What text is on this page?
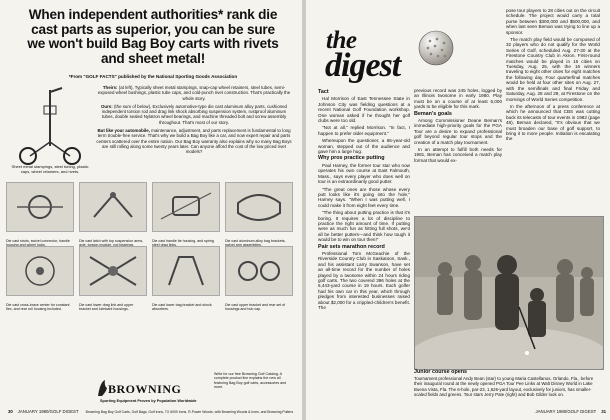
When independent authorities* rank die cast parts as superior, you can be sure we won't build Bag Boy carts with rivets and sheet metal!
*From "GOLF FACTS" published by the National Sporting Goods Association
Sheet metal stampings, steel tubing, plastic caps, wheel retainers, and rivets.

Theirs: (at left), Typically sheet metal stampings, snap-cap wheel retainers, steel tubes, semi-exposed wheel bushings, plastic tube caps, and cold-punch rivet construction. That's practically the whole story.

Ours: (the sum of below), Exclusively automotive-type die cast aluminum alloy parts, cushioned independent torsion rod and drag link shock absorbing suspension system, rustproof aluminum tubes, double sealed Nylatron wheel bearings, and machine threaded bolt and screw assembly throughout. That's most of our story.

But like your automobile, maintenance, adjustment, and parts replacement is fundamental to long term trouble-free service. That's why we build a Bag Boy like a car, and now expert repair and parts centers scattered over the entire nation. Our Bag Boy warranty also explains why so many Bag Boys are still rolling along some twenty years later. Can anyone afford the cost of the low priced rivet models?

Die cast struts, swivel connector, handle housing and wheel hubs.
Die cast latch with top suspension arms, axle, torsion module, rod bearings.
Die cast handle tie housing, and spring steel drag links.
Die cast aluminum alloy bag brackets, swivel arm assemblies.
Die cast cross-brace center for constant flex, and rear roll housing included.
Die cast lower drag link and upper bracket and lubricant housings.
Die cast lower bag bracket and shock absorbers.
Die cast upper bracket and rear set of housings and hub cap.
BROWNING
Sporting Equipment Proven by Population Worldwide
Write for our free Browning Golf Catalog. A complete product line explains the new all featuring Bag Boy golf carts, accessories and more.
30 JANUARY 1980/GOLF DIGEST Browning Bag Boy Golf Carts, Golf Bags, Golf Irons, TX 6000 Irons, R-Power Woods, with Browning Woods & Irons, and Browning Putters
the
digest
Tact

Hal Morrison of East Tennessee State in Johnson City was fielding questions at a recent National Golf Foundation workshop. One woman asked if he thought her golf clubs were too old.

"Not at all," replied Morrison. "In fact, I happen to prefer older equipment."

Whereupon the questioner, a 65-year-old woman, stepped out of the audience and gave him a large hug.

Why pros practice putting

Paul Harney, the former tour star who now operates his own course at East Falmouth, Mass., says every player who does well on tour is an extraordinarily good putter.

"The great ones are those whose every putt looks like it's going into the hole," Harney says. "When I was putting well, I could make it from eight feet every time.

"The thing about putting practice is that it's boring. It requires a lot of discipline to practice the right amount of time. If putting were as much fun as hitting full shots, we'd all be better putters—and think how tough it would be to win on tour then!"

Pair sets marathon record

Professional Tom McGeachie of the Riverside Country Club in Saskatoon, Sask., and his assistant Larry Swanson, have set an all-time record for the number of holes played by a twosome within 24 hours riding golf carts. The two covered 396 holes at the 6,443-yard course in 19 hours. Each golfer had his own car in this year, which through pledges from interested businesses raised about $2,000 for a crippled-children's benefit. The

previous record was 245 holes, logged by an Illinois twosome in early 1980. Play must be on a course of at least 6,000 yards to be eligible for this mark.

Beman's goals

Among Commissioner Deane Beman's immediate high-priority goals for the PGA Tour are a desire to expand professional golf beyond regular tour stops and the creation of a match play tournament.

In an attempt to fulfill both needs for 1981, Beman has conceived a match play format that would ex-

pose tour players to 28 cities out on the circuit schedule. The project would carry a total purse between $300,000 and $500,000, and when last seen Beman was trying to line up a sponsor.

The match play field would be composed of 32 players who do not qualify for the World Series of Golf, scheduled Aug. 27-30 at the Firestone Country Club in Akron. First-round matches would be played in 16 cities on Tuesday, Aug. 25, with the 16 winners traveling to eight other cities for eight matches the following day. Four quarterfinal matches would be held at four other sites on Aug. 27, with the semifinals and final Friday and Saturday, Aug. 28 and 29, at Firestone on the mornings of World Series competition.

In the afternoon of a press conference at which he announced that CBS was cutting back its telecasts of tour events in 1982 (page 48), Beman declared, "It's obvious that we must broaden our base of golf support, to bring it to more people. Initiation is escalating the

Junior course opens
Tournament professional Andy Bean (star) to young Maria Castellanos, Orlando, Fla., before their inaugural round at the newly opened PGA Tour Pee Links at Walt Disney World in Lake Buena Vista, Fla. The 6-hole, par-23, 1,626-yard layout, exclusively for juniors, has smaller-scaled fields and greens. Tour stars Jerry Pate (right) and Bob Gilder look on.
JANUARY 1980/GOLF DIGEST 31
